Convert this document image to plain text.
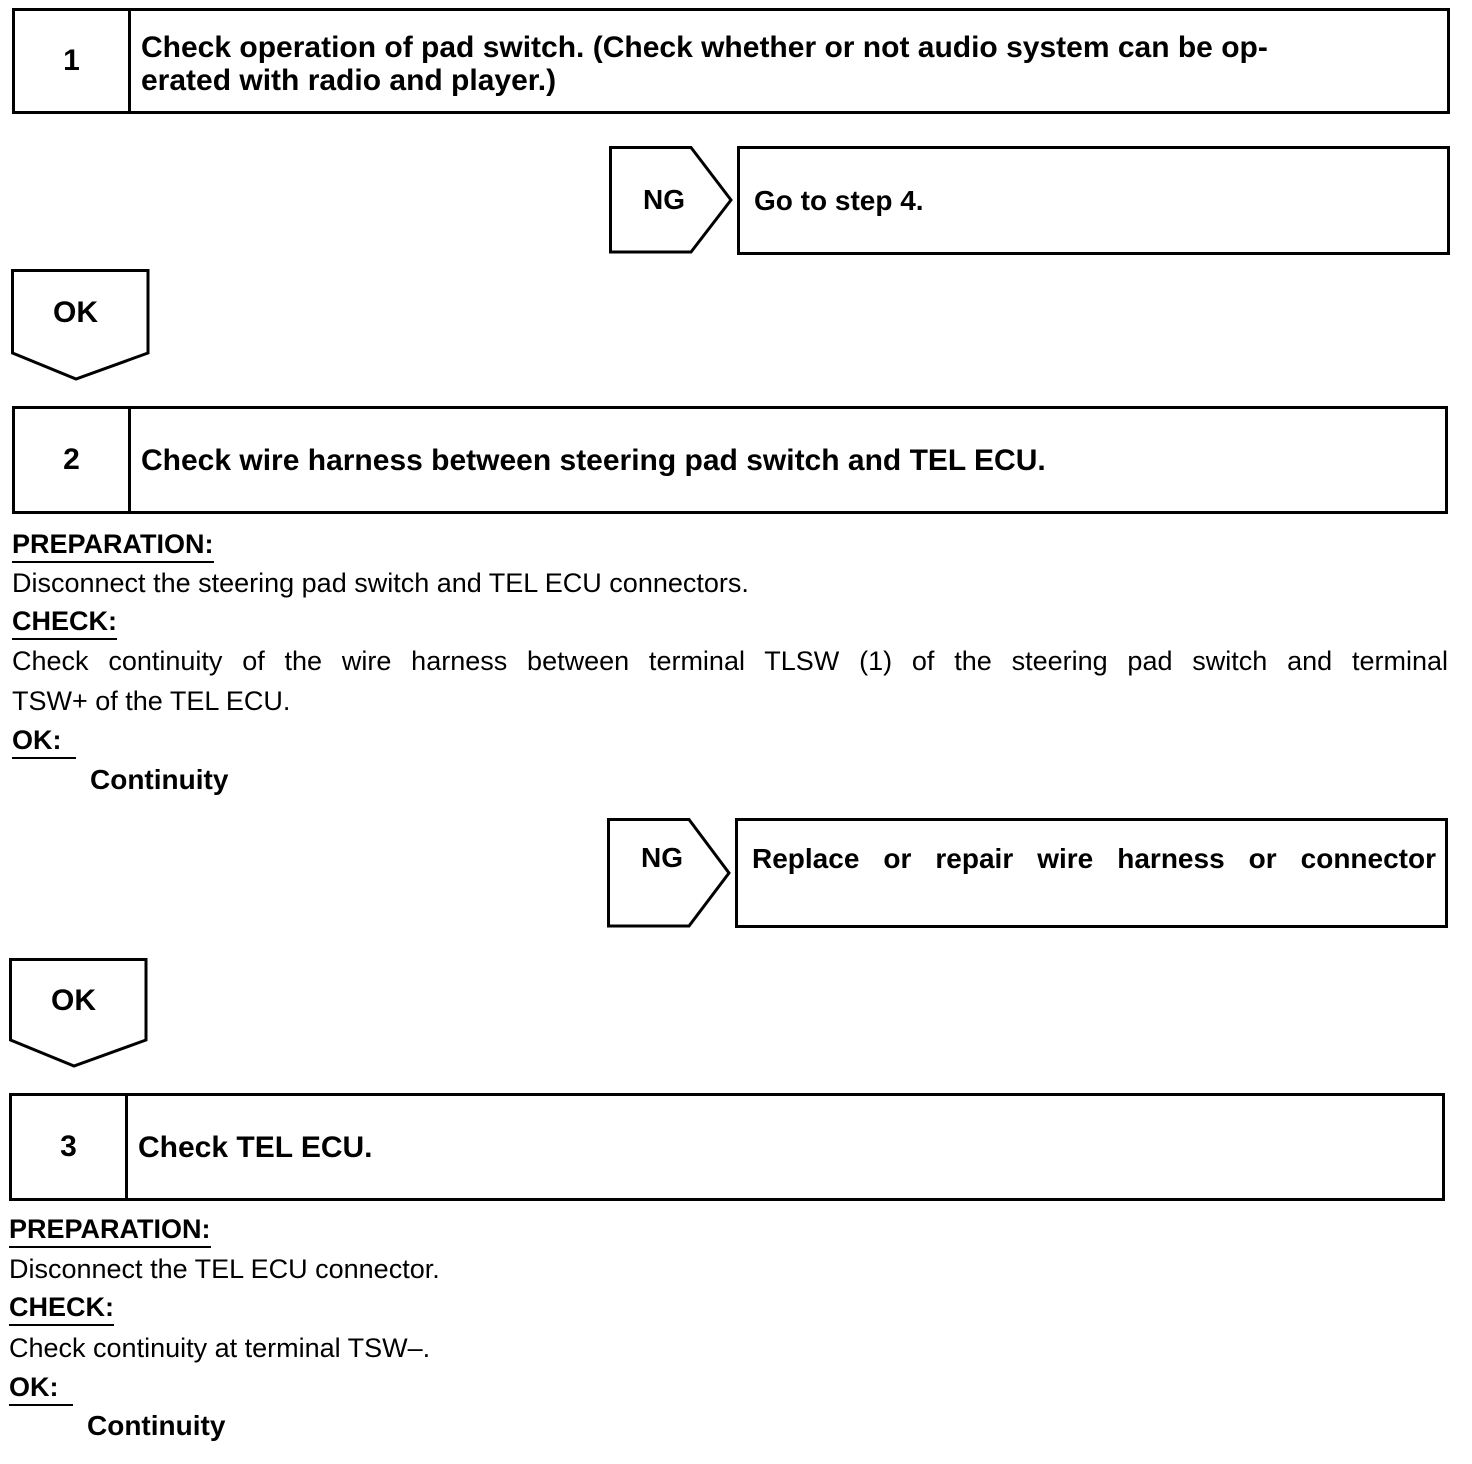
1	Check operation of pad switch. (Check whether or not audio system can be op-
erated with radio and player.)
NG Go to step 4.
OK
2	Check wire harness between steering pad switch and TEL ECU.
PREPARATION:
Disconnect the steering pad switch and TEL ECU connectors.
CHECK:
Check continuity of the wire harness between terminal TLSW (1) of the steering pad switch and terminal
TSW+ of the TEL ECU.
OK:
Continuity
NG Replace or repair wire harness or connector
OK
3	Check TEL ECU.
PREPARATION:
Disconnect the TEL ECU connector.
CHECK:
Check continuity at terminal TSW–.
OK:
Continuity
